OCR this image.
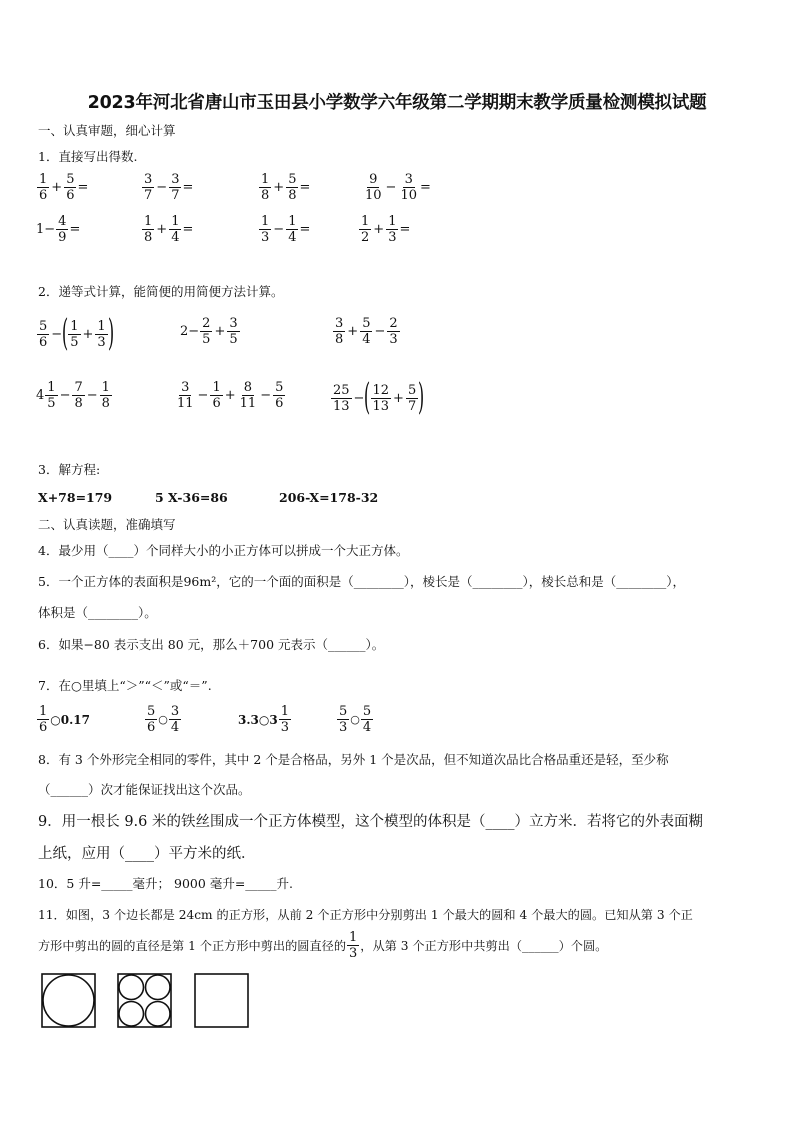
2023年河北省唐山市玉田县小学数学六年级第二学期期末教学质量检测模拟试题
一、认真审题，细心计算
1．直接写出得数.
$\frac{1}{6} + \frac{5}{6}$ =	$\frac{3}{7} - \frac{3}{7}$ =	$\frac{1}{8} + \frac{5}{8}$ =	$\frac{9}{10} - \frac{3}{10}$ =
$1- \frac{4}{9}$ =	$\frac{1}{8} + \frac{1}{4}$ =	$\frac{1}{3} - \frac{1}{4}$ =	$\frac{1}{2} + \frac{1}{3}$ =
2．递等式计算，能简便的用简便方法计算。
$\frac{5}{6}$ − ( $\frac{1}{5} + \frac{1}{3}$ )	$2- \frac{2}{5} + \frac{3}{5}$	$\frac{3}{8} + \frac{5}{4} - \frac{2}{3}$
$4 \frac{1}{5} - \frac{7}{8} - \frac{1}{8}$	$\frac{3}{11} - \frac{1}{6} + \frac{8}{11} - \frac{5}{6}$	$\frac{25}{13}$ − ( $\frac{12}{13} + \frac{5}{7}$ )
3．解方程:
X+78=179	5 X-36=86	206-X=178-32
二、认真读题，准确填写
4．最少用（____）个同样大小的小正方体可以拼成一个大正方体。
5．一个正方体的表面积是96m²，它的一个面的面积是（________），棱长是（________），棱长总和是（________），
体积是（________）。
6．如果−80 表示支出 80 元，那么＋700 元表示（______）。
7．在○里填上“＞”“＜”或“＝”.
$\frac{1}{6}$ ○0.17	$\frac{5}{6}$ ○ $\frac{3}{4}$	3.3○3 $\frac{1}{3}$	$\frac{5}{3}$ ○ $\frac{5}{4}$
8．有 3 个外形完全相同的零件，其中 2 个是合格品，另外 1 个是次品，但不知道次品比合格品重还是轻，至少称
（______）次才能保证找出这个次品。
9．用一根长 9.6 米的铁丝围成一个正方体模型，这个模型的体积是（____）立方米．若将它的外表面糊
上纸，应用（____）平方米的纸．
10．5 升=_____毫升； 9000 毫升=_____升.
11．如图，3 个边长都是 24cm 的正方形，从前 2 个正方形中分别剪出 1 个最大的圆和 4 个最大的圆。已知从第 3 个正
方形中剪出的圆的直径是第 1 个正方形中剪出的圆直径的 $\frac{1}{3}$ ，从第 3 个正方形中共剪出（______）个圆。
